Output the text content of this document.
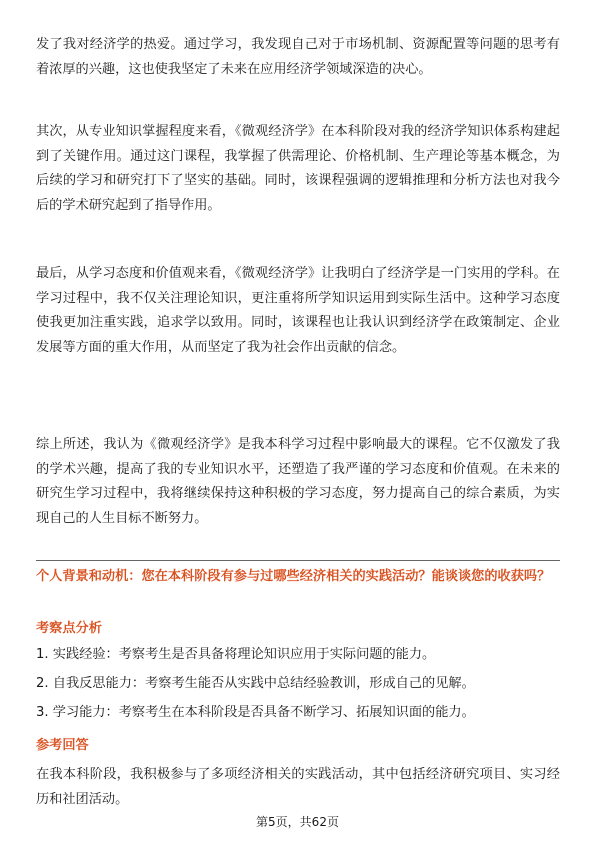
发了我对经济学的热爱。通过学习，我发现自己对于市场机制、资源配置等问题的思考有着浓厚的兴趣，这也使我坚定了未来在应用经济学领域深造的决心。

其次，从专业知识掌握程度来看，《微观经济学》在本科阶段对我的经济学知识体系构建起到了关键作用。通过这门课程，我掌握了供需理论、价格机制、生产理论等基本概念，为后续的学习和研究打下了坚实的基础。同时，该课程强调的逻辑推理和分析方法也对我今后的学术研究起到了指导作用。

最后，从学习态度和价值观来看，《微观经济学》让我明白了经济学是一门实用的学科。在学习过程中，我不仅关注理论知识，更注重将所学知识运用到实际生活中。这种学习态度使我更加注重实践，追求学以致用。同时，该课程也让我认识到经济学在政策制定、企业发展等方面的重大作用，从而坚定了我为社会作出贡献的信念。

综上所述，我认为《微观经济学》是我本科学习过程中影响最大的课程。它不仅激发了我的学术兴趣，提高了我的专业知识水平，还塑造了我严谨的学习态度和价值观。在未来的研究生学习过程中，我将继续保持这种积极的学习态度，努力提高自己的综合素质，为实现自己的人生目标不断努力。

个人背景和动机：您在本科阶段有参与过哪些经济相关的实践活动？能谈谈您的收获吗？

考察点分析

1. 实践经验：考察考生是否具备将理论知识应用于实际问题的能力。

2. 自我反思能力：考察考生能否从实践中总结经验教训，形成自己的见解。

3. 学习能力：考察考生在本科阶段是否具备不断学习、拓展知识面的能力。

参考回答

在我本科阶段，我积极参与了多项经济相关的实践活动，其中包括经济研究项目、实习经历和社团活动。

第5页，共62页
